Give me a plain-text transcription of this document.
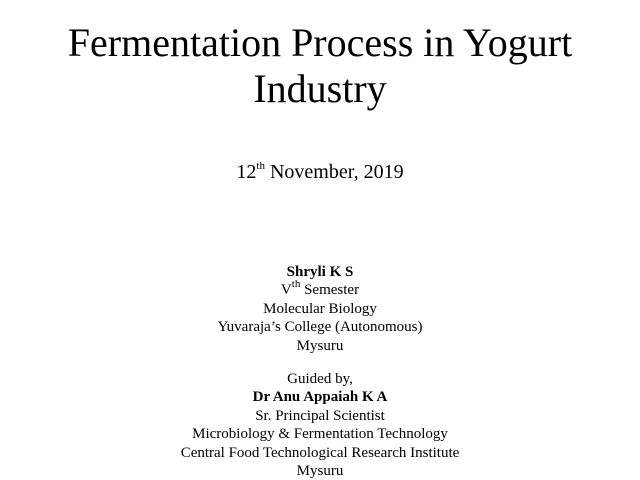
Fermentation Process in Yogurt
Industry
12th November, 2019
Shryli K S
Vth Semester
Molecular Biology
Yuvaraja’s College (Autonomous)
Mysuru
Guided by,
Dr Anu Appaiah K A
Sr. Principal Scientist
Microbiology & Fermentation Technology
Central Food Technological Research Institute
Mysuru
